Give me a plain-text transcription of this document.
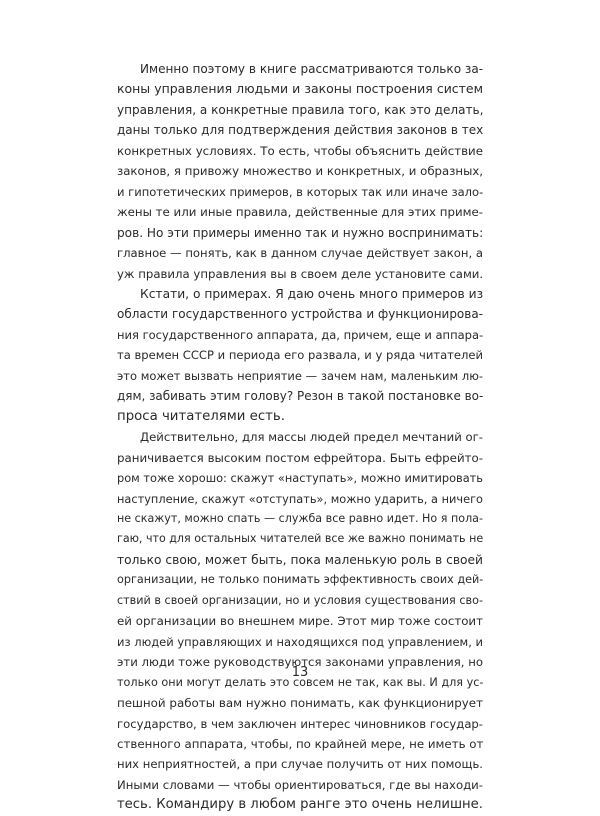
Именно поэтому в книге рассматриваются только за-
коны управления людьми и законы построения систем
управления, а конкретные правила того, как это делать,
даны только для подтверждения действия законов в тех
конкретных условиях. То есть, чтобы объяснить действие
законов, я привожу множество и конкретных, и образных,
и гипотетических примеров, в которых так или иначе зало-
жены те или иные правила, действенные для этих приме-
ров. Но эти примеры именно так и нужно воспринимать:
главное — понять, как в данном случае действует закон, а
уж правила управления вы в своем деле установите сами.
Кстати, о примерах. Я даю очень много примеров из
области государственного устройства и функционирова-
ния государственного аппарата, да, причем, еще и аппара-
та времен СССР и периода его развала, и у ряда читателей
это может вызвать неприятие — зачем нам, маленьким лю-
дям, забивать этим голову? Резон в такой постановке во-
проса читателями есть.
Действительно, для массы людей предел мечтаний ог-
раничивается высоким постом ефрейтора. Быть ефрейто-
ром тоже хорошо: скажут «наступать», можно имитировать
наступление, скажут «отступать», можно ударить, а ничего
не скажут, можно спать — служба все равно идет. Но я пола-
гаю, что для остальных читателей все же важно понимать не
только свою, может быть, пока маленькую роль в своей
организации, не только понимать эффективность своих дей-
ствий в своей организации, но и условия существования сво-
ей организации во внешнем мире. Этот мир тоже состоит
из людей управляющих и находящихся под управлением, и
эти люди тоже руководствуются законами управления, но
только они могут делать это совсем не так, как вы. И для ус-
пешной работы вам нужно понимать, как функционирует
государство, в чем заключен интерес чиновников государ-
ственного аппарата, чтобы, по крайней мере, не иметь от
них неприятностей, а при случае получить от них помощь.
Иными словами — чтобы ориентироваться, где вы находи-
тесь. Командиру в любом ранге это очень нелишне.
13
